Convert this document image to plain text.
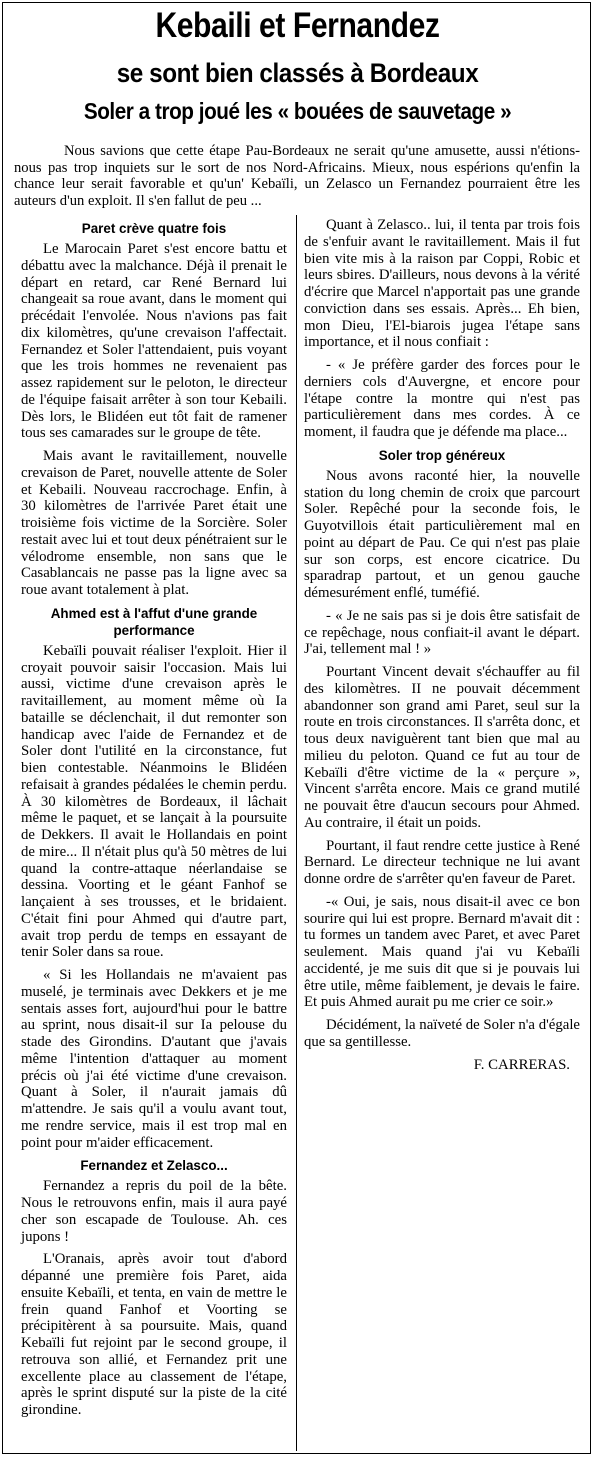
Kebaili et Fernandez
se sont bien classés à Bordeaux
Soler a trop joué les « bouées de sauvetage »

Nous savions que cette étape Pau-Bordeaux ne serait qu'une amusette, aussi n'étions-nous pas trop inquiets sur le sort de nos Nord-Africains. Mieux, nous espérions qu'enfin la chance leur serait favorable et qu'un' Kebaïli, un Zelasco un Fernandez pourraient être les auteurs d'un exploit. Il s'en fallut de peu ...

Paret crève quatre fois

Le Marocain Paret s'est encore battu et débattu avec la malchance. Déjà il prenait le départ en retard, car René Bernard lui changeait sa roue avant, dans le moment qui précédait l'envolée. Nous n'avions pas fait dix kilomètres, qu'une crevaison l'affectait. Fernandez et Soler l'attendaient, puis voyant que les trois hommes ne revenaient pas assez rapidement sur le peloton, le directeur de l'équipe faisait arrêter à son tour Kebaili. Dès lors, le Blidéen eut tôt fait de ramener tous ses camarades sur le groupe de tête.

Mais avant le ravitaillement, nouvelle crevaison de Paret, nouvelle attente de Soler et Kebaili. Nouveau raccrochage. Enfin, à 30 kilomètres de l'arrivée Paret était une troisième fois victime de la Sorcière. Soler restait avec lui et tout deux pénétraient sur le vélodrome ensemble, non sans que le Casablancais ne passe pas la ligne avec sa roue avant totalement à plat.

Ahmed est à l'affut d'une grande performance

Kebaïli pouvait réaliser l'exploit. Hier il croyait pouvoir saisir l'occasion. Mais lui aussi, victime d'une crevaison après le ravitaillement, au moment même où Ia bataille se déclenchait, il dut remonter son handicap avec l'aide de Fernandez et de Soler dont l'utilité en la circonstance, fut bien contestable. Néanmoins le Blidéen refaisait à grandes pédalées le chemin perdu. À 30 kilomètres de Bordeaux, il lâchait même le paquet, et se lançait à la poursuite de Dekkers. Il avait le Hollandais en point de mire... Il n'était plus qu'à 50 mètres de lui quand la contre-attaque néerlandaise se dessina. Voorting et le géant Fanhof se lançaient à ses trousses, et le bridaient. C'était fini pour Ahmed qui d'autre part, avait trop perdu de temps en essayant de tenir Soler dans sa roue.

« Si les Hollandais ne m'avaient pas muselé, je terminais avec Dekkers et je me sentais asses fort, aujourd'hui pour le battre au sprint, nous disait-il sur Ia pelouse du stade des Girondins. D'autant que j'avais même l'intention d'attaquer au moment précis où j'ai été victime d'une crevaison. Quant à Soler, il n'aurait jamais dû m'attendre. Je sais qu'il a voulu avant tout, me rendre service, mais il est trop mal en point pour m'aider efficacement.

Fernandez et Zelasco...

Fernandez a repris du poil de la bête. Nous le retrouvons enfin, mais il aura payé cher son escapade de Toulouse. Ah. ces jupons !

L'Oranais, après avoir tout d'abord dépanné une première fois Paret, aida ensuite Kebaïli, et tenta, en vain de mettre le frein quand Fanhof et Voorting se précipitèrent à sa poursuite. Mais, quand Kebaïli fut rejoint par le second groupe, il retrouva son allié, et Fernandez prit une excellente place au classement de l'étape, après le sprint disputé sur la piste de la cité girondine.

Quant à Zelasco.. lui, il tenta par trois fois de s'enfuir avant le ravitaillement. Mais il fut bien vite mis à la raison par Coppi, Robic et leurs sbires. D'ailleurs, nous devons à la vérité d'écrire que Marcel n'apportait pas une grande conviction dans ses essais. Après... Eh bien, mon Dieu, l'El-biarois jugea l'étape sans importance, et il nous confiait :

- « Je préfère garder des forces pour le derniers cols d'Auvergne, et encore pour l'étape contre la montre qui n'est pas particulièrement dans mes cordes. À ce moment, il faudra que je défende ma place...

Soler trop généreux

Nous avons raconté hier, la nouvelle station du long chemin de croix que parcourt Soler. Repêché pour la seconde fois, le Guyotvillois était particulièrement mal en point au départ de Pau. Ce qui n'est pas plaie sur son corps, est encore cicatrice. Du sparadrap partout, et un genou gauche démesurément enflé, tuméfié.

- « Je ne sais pas si je dois être satisfait de ce repêchage, nous confiait-il avant le départ. J'ai, tellement mal ! »

Pourtant Vincent devait s'échauffer au fil des kilomètres. II ne pouvait décemment abandonner son grand ami Paret, seul sur la route en trois circonstances. Il s'arrêta donc, et tous deux naviguèrent tant bien que mal au milieu du peloton. Quand ce fut au tour de Kebaïli d'être victime de la « perçure », Vincent s'arrêta encore. Mais ce grand mutilé ne pouvait être d'aucun secours pour Ahmed. Au contraire, il était un poids.

Pourtant, il faut rendre cette justice à René Bernard. Le directeur technique ne lui avant donne ordre de s'arrêter qu'en faveur de Paret.

-« Oui, je sais, nous disait-il avec ce bon sourire qui lui est propre. Bernard m'avait dit : tu formes un tandem avec Paret, et avec Paret seulement. Mais quand j'ai vu Kebaïli accidenté, je me suis dit que si je pouvais lui être utile, même faiblement, je devais le faire. Et puis Ahmed aurait pu me crier ce soir.»

Décidément, la naïveté de Soler n'a d'égale que sa gentillesse.

F. CARRERAS.
